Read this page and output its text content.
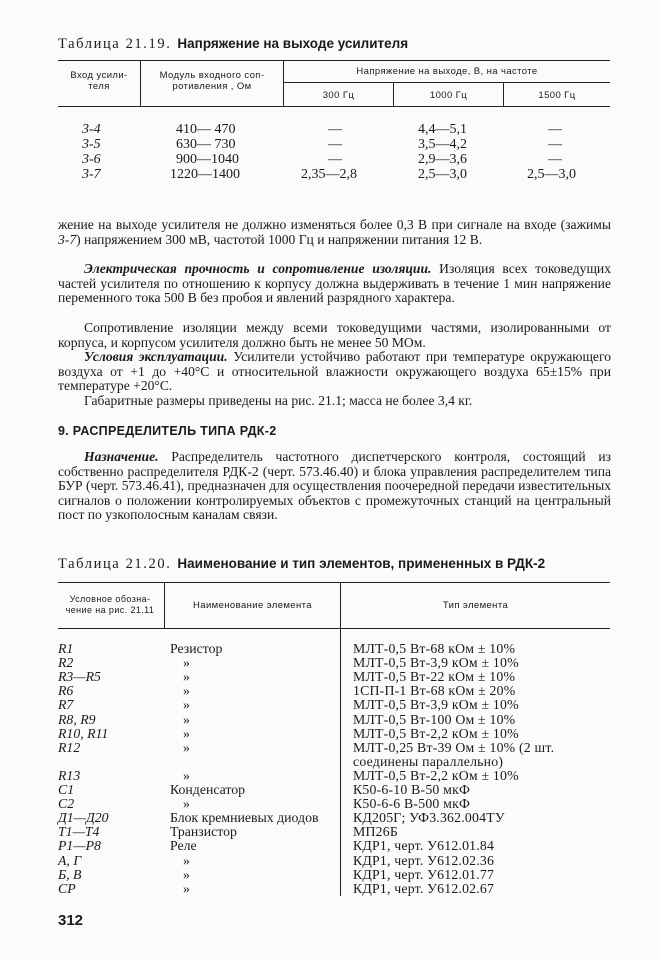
Таблица 21.19. Напряжение на выходе усилителя
Вход усили-
теля
Модуль входного соп-
ротивления , Ом
Напряжение на выходе, В, на частоте
300 Гц	1000 Гц	1500 Гц
3-4	410— 470	—	4,4—5,1	—
3-5	630— 730	—	3,5—4,2	—
3-6	900—1040	—	2,9—3,6	—
3-7	1220—1400	2,35—2,8	2,5—3,0	2,5—3,0
жение на выходе усилителя не должно изменяться более 0,3 В при сигнале на входе (зажимы 3-7) напряжением 300 мВ, частотой 1000 Гц и напряжении питания 12 В.
Электрическая прочность и сопротивление изоляции. Изоляция всех токоведущих частей усилителя по отношению к корпусу должна выдерживать в течение 1 мин напряжение переменного тока 500 В без пробоя и явлений разрядного характера.
Сопротивление изоляции между всеми токоведущими частями, изолированными от корпуса, и корпусом усилителя должно быть не менее 50 МОм.
Условия эксплуатации. Усилители устойчиво работают при температуре окружающего воздуха от +1 до +40°С и относительной влажности окружающего воздуха 65±15% при температуре +20°С.
Габаритные размеры приведены на рис. 21.1; масса не более 3,4 кг.
9. РАСПРЕДЕЛИТЕЛЬ ТИПА РДК-2
Назначение. Распределитель частотного диспетчерского контроля, состоящий из собственно распределителя РДК-2 (черт. 573.46.40) и блока управления распределителем типа БУР (черт. 573.46.41), предназначен для осуществления поочередной передачи известительных сигналов о положении контролируемых объектов с промежуточных станций на центральный пост по узкополосным каналам связи.
Таблица 21.20. Наименование и тип элементов, примененных в РДК-2
Условное обозна-
чение на рис. 21.11	Наименование элемента	Тип элемента
R1	Резистор	МЛТ-0,5 Вт-68 кОм ± 10%
R2	»	МЛТ-0,5 Вт-3,9 кОм ± 10%
R3—R5	»	МЛТ-0,5 Вт-22 кОм ± 10%
R6	»	1СП-П-1 Вт-68 кОм ± 20%
R7	»	МЛТ-0,5 Вт-3,9 кОм ± 10%
R8, R9	»	МЛТ-0,5 Вт-100 Ом ± 10%
R10, R11	»	МЛТ-0,5 Вт-2,2 кОм ± 10%
R12	»	МЛТ-0,25 Вт-39 Ом ± 10% (2 шт.
соединены параллельно)
R13	»	МЛТ-0,5 Вт-2,2 кОм ± 10%
C1	Конденсатор	К50-6-10 В-50 мкФ
C2	»	К50-6-6 В-500 мкФ
Д1—Д20	Блок кремниевых диодов	КД205Г; УФ3.362.004ТУ
T1—T4	Транзистор	МП26Б
P1—P8	Реле	КДР1, черт. У612.01.84
А, Г	»	КДР1, черт. У612.02.36
Б, В	»	КДР1, черт. У612.01.77
СР	»	КДР1, черт. У612.02.67
312
